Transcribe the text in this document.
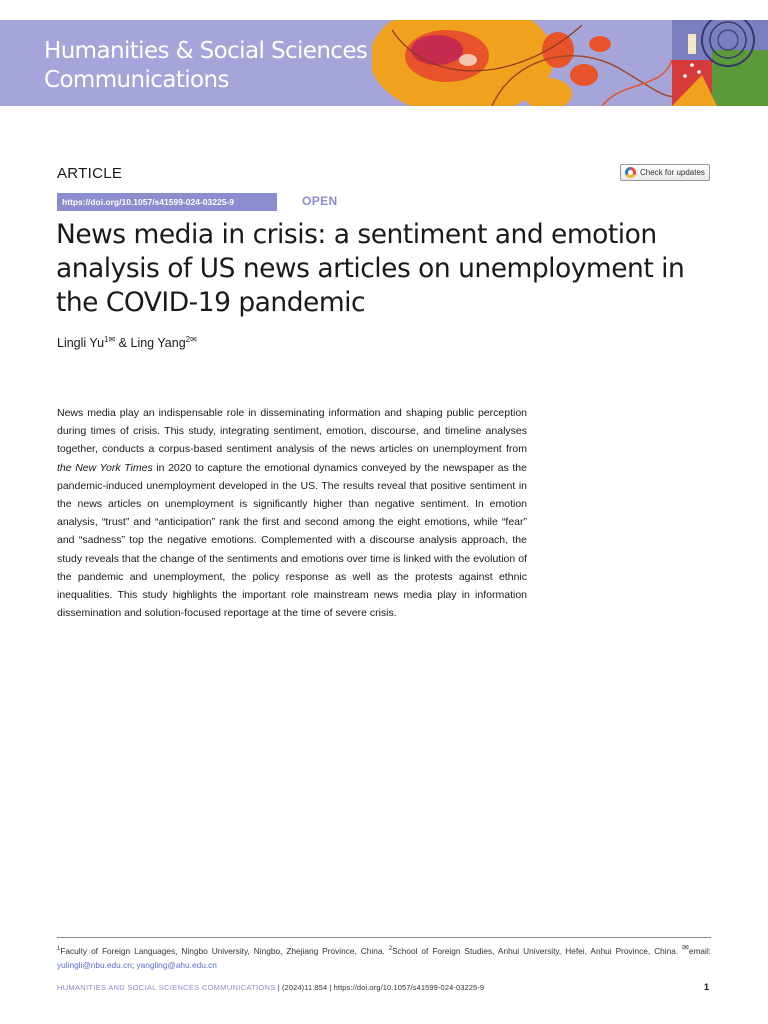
Humanities & Social Sciences
Communications
ARTICLE	Check for updates
https://doi.org/10.1057/s41599-024-03225-9	OPEN
News media in crisis: a sentiment and emotion analysis of US news articles on unemployment in the COVID-19 pandemic
Lingli $Yu^{1✉}$ & Ling Yang$^{2✉}$

News media play an indispensable role in disseminating information and shaping public perception during times of crisis. This study, integrating sentiment, emotion, discourse, and timeline analyses together, conducts a corpus-based sentiment analysis of the news articles on unemployment from the New York Times in 2020 to capture the emotional dynamics conveyed by the newspaper as the pandemic-induced unemployment developed in the US. The results reveal that positive sentiment in the news articles on unemployment is significantly higher than negative sentiment. In emotion analysis, “trust” and “anticipation” rank the first and second among the eight emotions, while “fear” and “sadness” top the negative emotions. Complemented with a discourse analysis approach, the study reveals that the change of the sentiments and emotions over time is linked with the evolution of the pandemic and unemployment, the policy response as well as the protests against ethnic inequalities. This study highlights the important role mainstream news media play in information dissemination and solution-focused reportage at the time of severe crisis.

$^1$Faculty of Foreign Languages, Ningbo University, Ningbo, Zhejiang Province, China. $^2$School of Foreign Studies, Anhui University, Hefei, Anhui Province, China. ✉email: yulingli@nbu.edu.cn; yangling@ahu.edu.cn

HUMANITIES AND SOCIAL SCIENCES COMMUNICATIONS | (2024)11:854 | https://doi.org/10.1057/s41599-024-03225-9	1
